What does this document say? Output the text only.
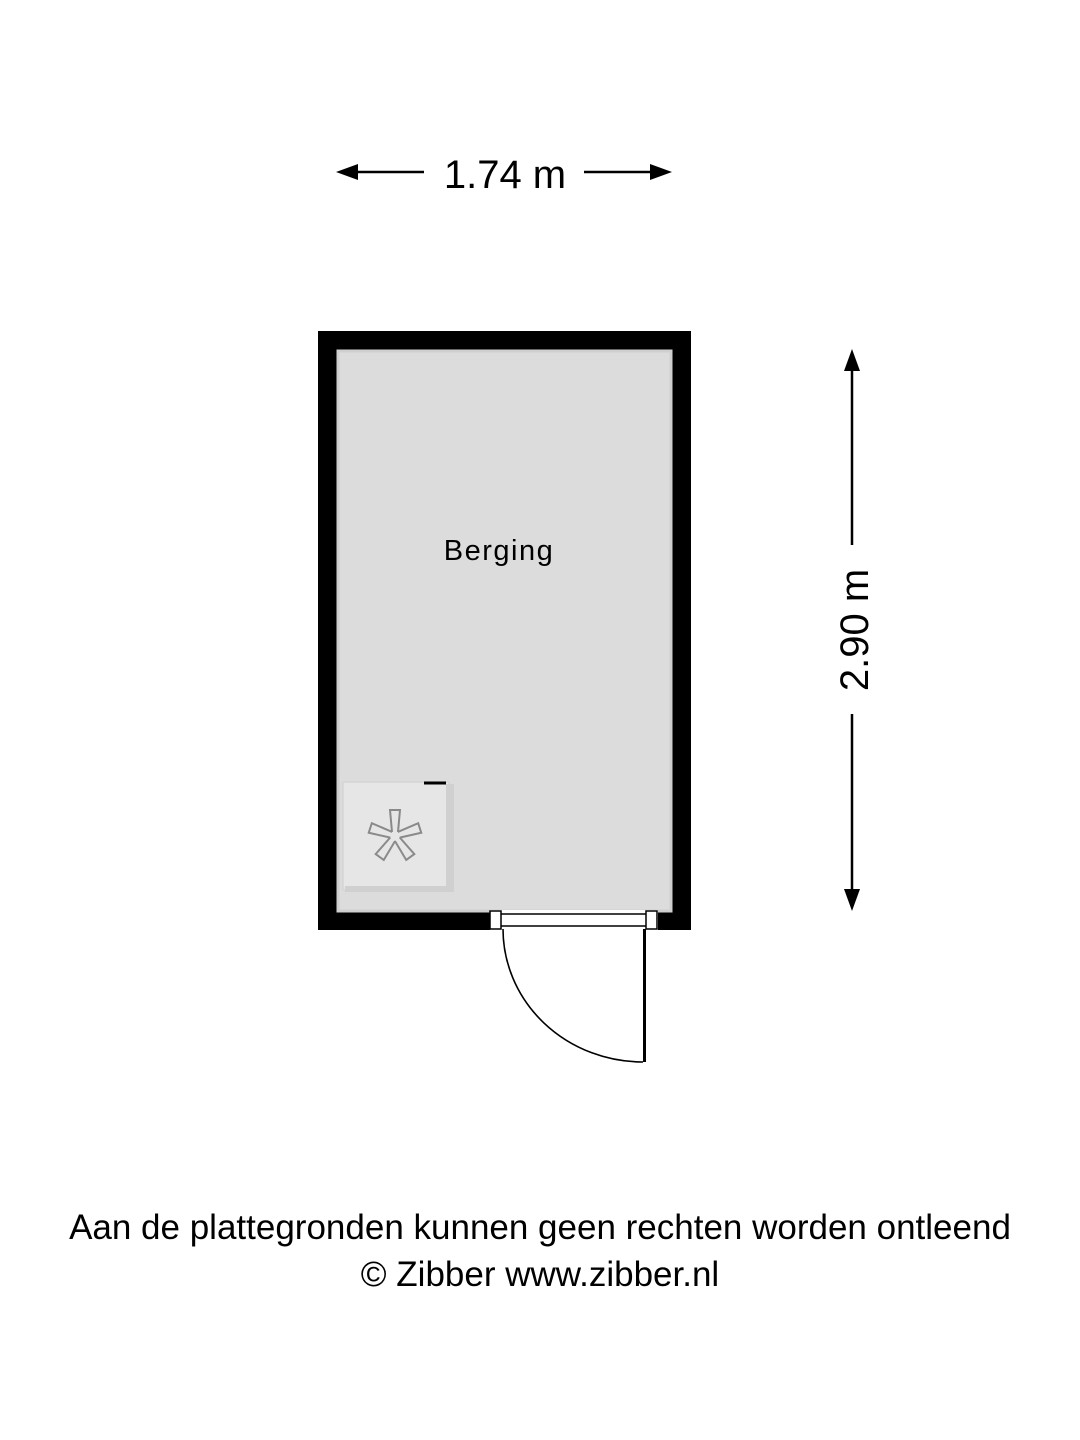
1.74 m
2.90 m
Berging
Aan de plattegronden kunnen geen rechten worden ontleend
© Zibber www.zibber.nl
